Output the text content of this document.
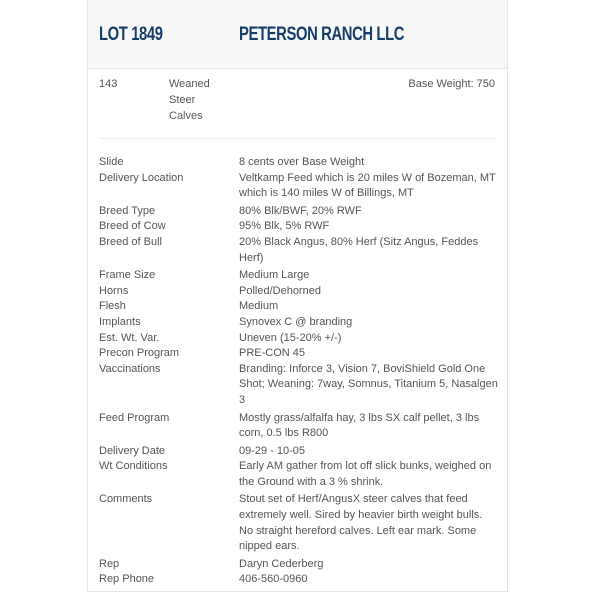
LOT 1849	PETERSON RANCH LLC
143	Weaned Steer Calves
Base Weight: 750
Slide	8 cents over Base Weight
Delivery Location	Veltkamp Feed which is 20 miles W of Bozeman, MT which is 140 miles W of Billings, MT
Breed Type	80% Blk/BWF, 20% RWF
Breed of Cow	95% Blk, 5% RWF
Breed of Bull	20% Black Angus, 80% Herf (Sitz Angus, Feddes Herf)
Frame Size	Medium Large
Horns	Polled/Dehorned
Flesh	Medium
Implants	Synovex C @ branding
Est. Wt. Var.	Uneven (15-20% +/-)
Precon Program	PRE-CON 45
Vaccinations	Branding: Inforce 3, Vision 7, BoviShield Gold One Shot; Weaning: 7way, Somnus, Titanium 5, Nasalgen 3
Feed Program	Mostly grass/alfalfa hay, 3 lbs SX calf pellet, 3 lbs corn, 0.5 lbs R800
Delivery Date	09-29 - 10-05
Wt Conditions	Early AM gather from lot off slick bunks, weighed on the Ground with a 3 % shrink.
Comments	Stout set of Herf/AngusX steer calves that feed extremely well. Sired by heavier birth weight bulls. No straight hereford calves. Left ear mark. Some nipped ears.
Rep	Daryn Cederberg
Rep Phone	406-560-0960
